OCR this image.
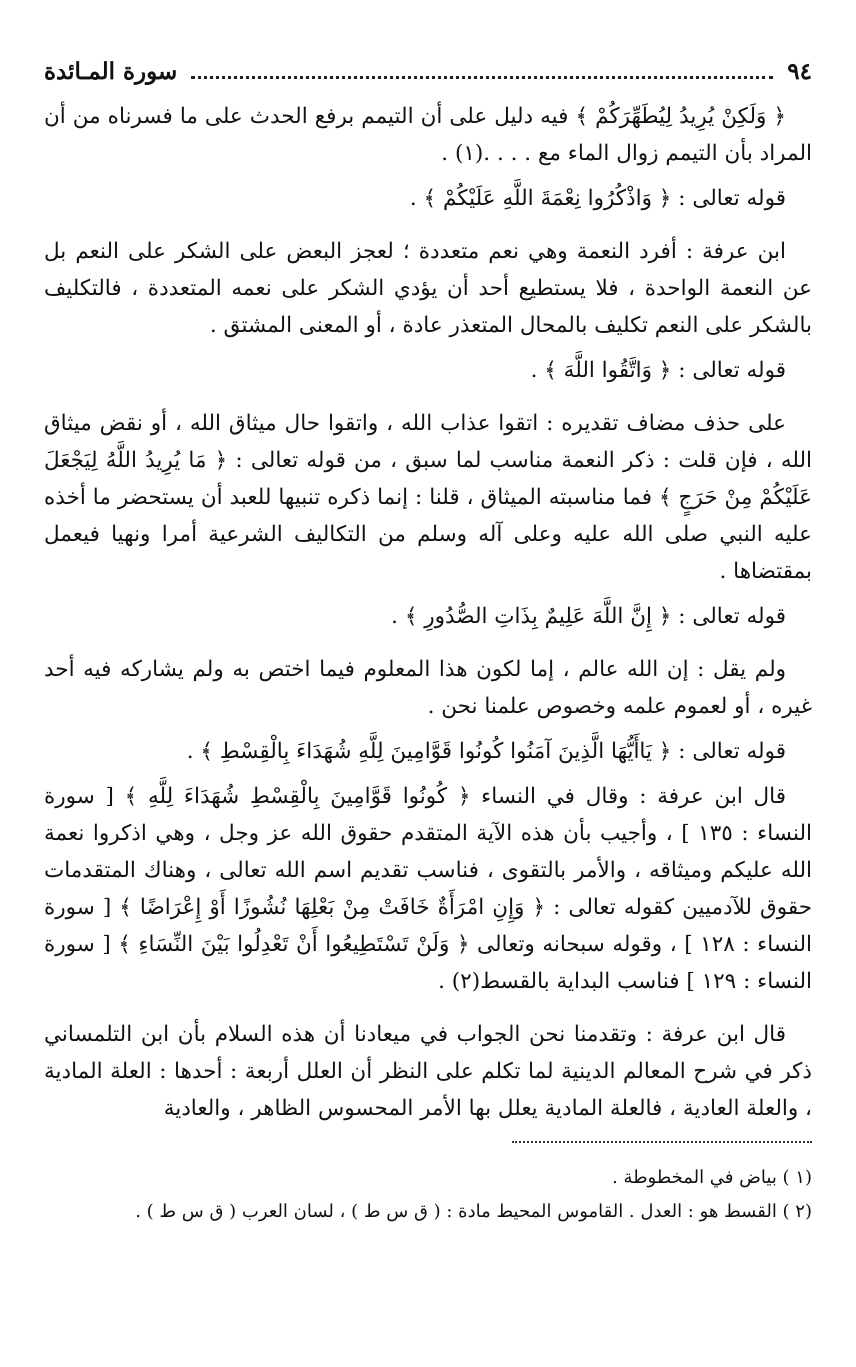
٩٤
سورة المـائدة

﴿ وَلَكِنْ يُرِيدُ لِيُطَهِّرَكُمْ ﴾ فيه دليل على أن التيمم برفع الحدث على ما فسرناه من أن المراد بأن التيمم زوال الماء مع . . . .(١) .

قوله تعالى : ﴿ وَاذْكُرُوا نِعْمَةَ اللَّهِ عَلَيْكُمْ ﴾ .

ابن عرفة : أفرد النعمة وهي نعم متعددة ؛ لعجز البعض على الشكر على النعم بل عن النعمة الواحدة ، فلا يستطيع أحد أن يؤدي الشكر على نعمه المتعددة ، فالتكليف بالشكر على النعم تكليف بالمحال المتعذر عادة ، أو المعنى المشتق .

قوله تعالى : ﴿ وَاتَّقُوا اللَّهَ ﴾ .

على حذف مضاف تقديره : اتقوا عذاب الله ، واتقوا حال ميثاق الله ، أو نقض ميثاق الله ، فإن قلت : ذكر النعمة مناسب لما سبق ، من قوله تعالى : ﴿ مَا يُرِيدُ اللَّهُ لِيَجْعَلَ عَلَيْكُمْ مِنْ حَرَجٍ ﴾ فما مناسبته الميثاق ، قلنا : إنما ذكره تنبيها للعبد أن يستحضر ما أخذه عليه النبي صلى الله عليه وعلى آله وسلم من التكاليف الشرعية أمرا ونهيا فيعمل بمقتضاها .

قوله تعالى : ﴿ إِنَّ اللَّهَ عَلِيمٌ بِذَاتِ الصُّدُورِ ﴾ .

ولم يقل : إن الله عالم ، إما لكون هذا المعلوم فيما اختص به ولم يشاركه فيه أحد غيره ، أو لعموم علمه وخصوص علمنا نحن .

قوله تعالى : ﴿ يَاأَيُّهَا الَّذِينَ آمَنُوا كُونُوا قَوَّامِينَ لِلَّهِ شُهَدَاءَ بِالْقِسْطِ ﴾ .

قال ابن عرفة : وقال في النساء ﴿ كُونُوا قَوَّامِينَ بِالْقِسْطِ شُهَدَاءَ لِلَّهِ ﴾ [ سورة النساء : ١٣٥ ] ، وأجيب بأن هذه الآية المتقدم حقوق الله عز وجل ، وهي اذكروا نعمة الله عليكم وميثاقه ، والأمر بالتقوى ، فناسب تقديم اسم الله تعالى ، وهناك المتقدمات حقوق للآدميين كقوله تعالى : ﴿ وَإِنِ امْرَأَةٌ خَافَتْ مِنْ بَعْلِهَا نُشُوزًا أَوْ إِعْرَاضًا ﴾ [ سورة النساء : ١٢٨ ] ، وقوله سبحانه وتعالى ﴿ وَلَنْ تَسْتَطِيعُوا أَنْ تَعْدِلُوا بَيْنَ النِّسَاءِ ﴾ [ سورة النساء : ١٢٩ ] فناسب البداية بالقسط(٢) .

قال ابن عرفة : وتقدمنا نحن الجواب في ميعادنا أن هذه السلام بأن ابن التلمساني ذكر في شرح المعالم الدينية لما تكلم على النظر أن العلل أربعة : أحدها : العلة المادية ، والعلة العادية ، فالعلة المادية يعلل بها الأمر المحسوس الظاهر ، والعادية

(١ ) بياض في المخطوطة .

(٢ ) القسط هو : العدل . القاموس المحيط مادة : ( ق س ط ) ، لسان العرب ( ق س ط ) .
